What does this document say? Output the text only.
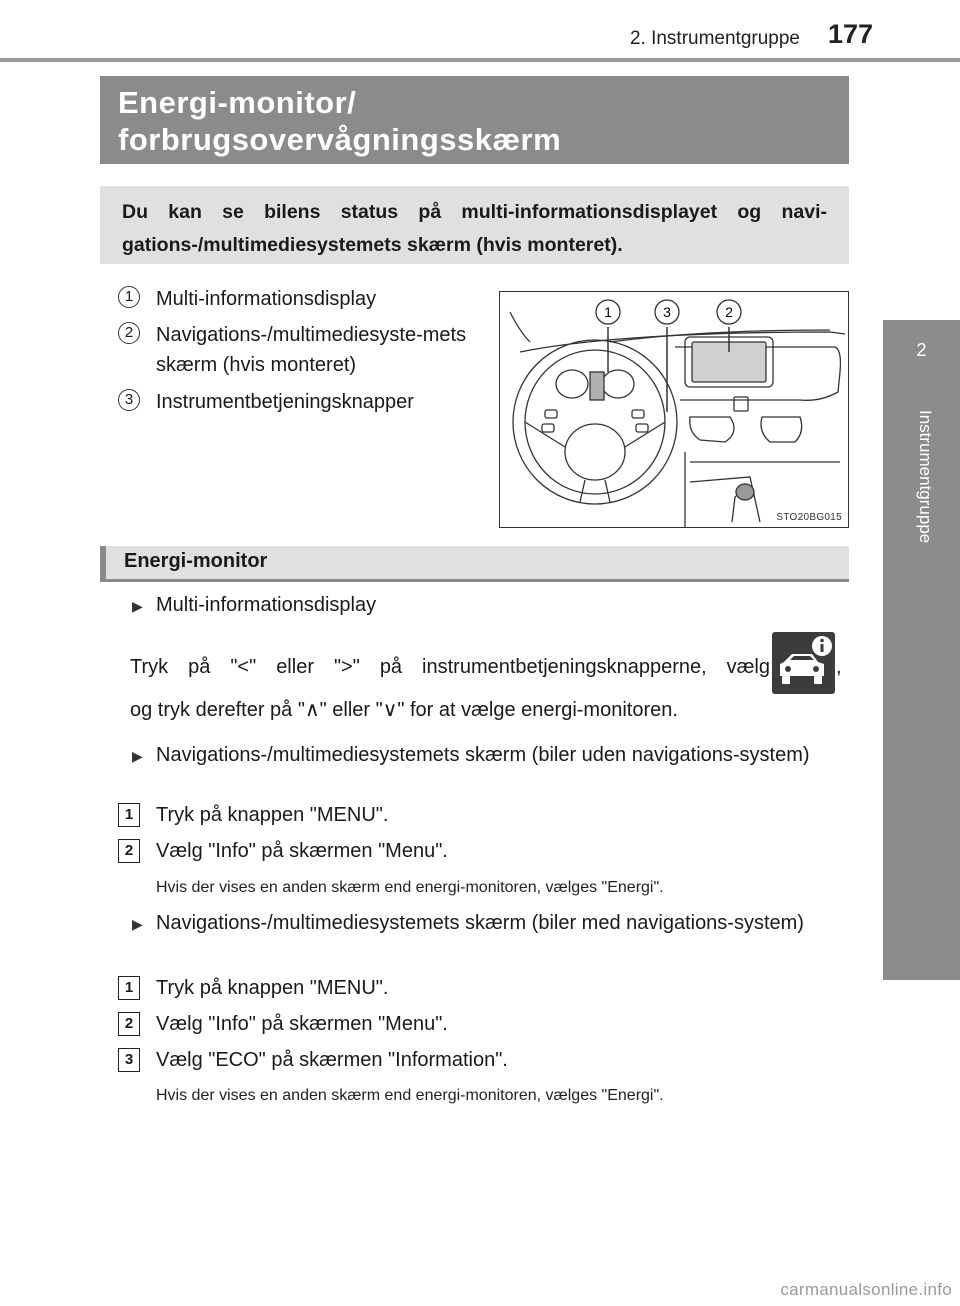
2. Instrumentgruppe 177
2
Instrumentgruppe
Energi-monitor/
forbrugsovervågningsskærm

Du kan se bilens status på multi-informationsdisplayet og navi-gations-/multimediesystemets skærm (hvis monteret).

1	Multi-informationsdisplay
2	Navigations-/multimediesyste-mets skærm (hvis monteret)
3	Instrumentbetjeningsknapper
1	3	2
STO20BG015
Energi-monitor
▶ Multi-informationsdisplay
Tryk på "<" eller ">" på instrumentbetjeningsknapperne, vælg	,
og tryk derefter på "∧" eller "∨" for at vælge energi-monitoren.
▶ Navigations-/multimediesystemets skærm (biler uden navigations-system)
1	Tryk på knappen "MENU".
2	Vælg "Info" på skærmen "Menu".
Hvis der vises en anden skærm end energi-monitoren, vælges "Energi".
▶ Navigations-/multimediesystemets skærm (biler med navigations-system)
1	Tryk på knappen "MENU".
2	Vælg "Info" på skærmen "Menu".
3	Vælg "ECO" på skærmen "Information".
Hvis der vises en anden skærm end energi-monitoren, vælges "Energi".
carmanualsonline.info
